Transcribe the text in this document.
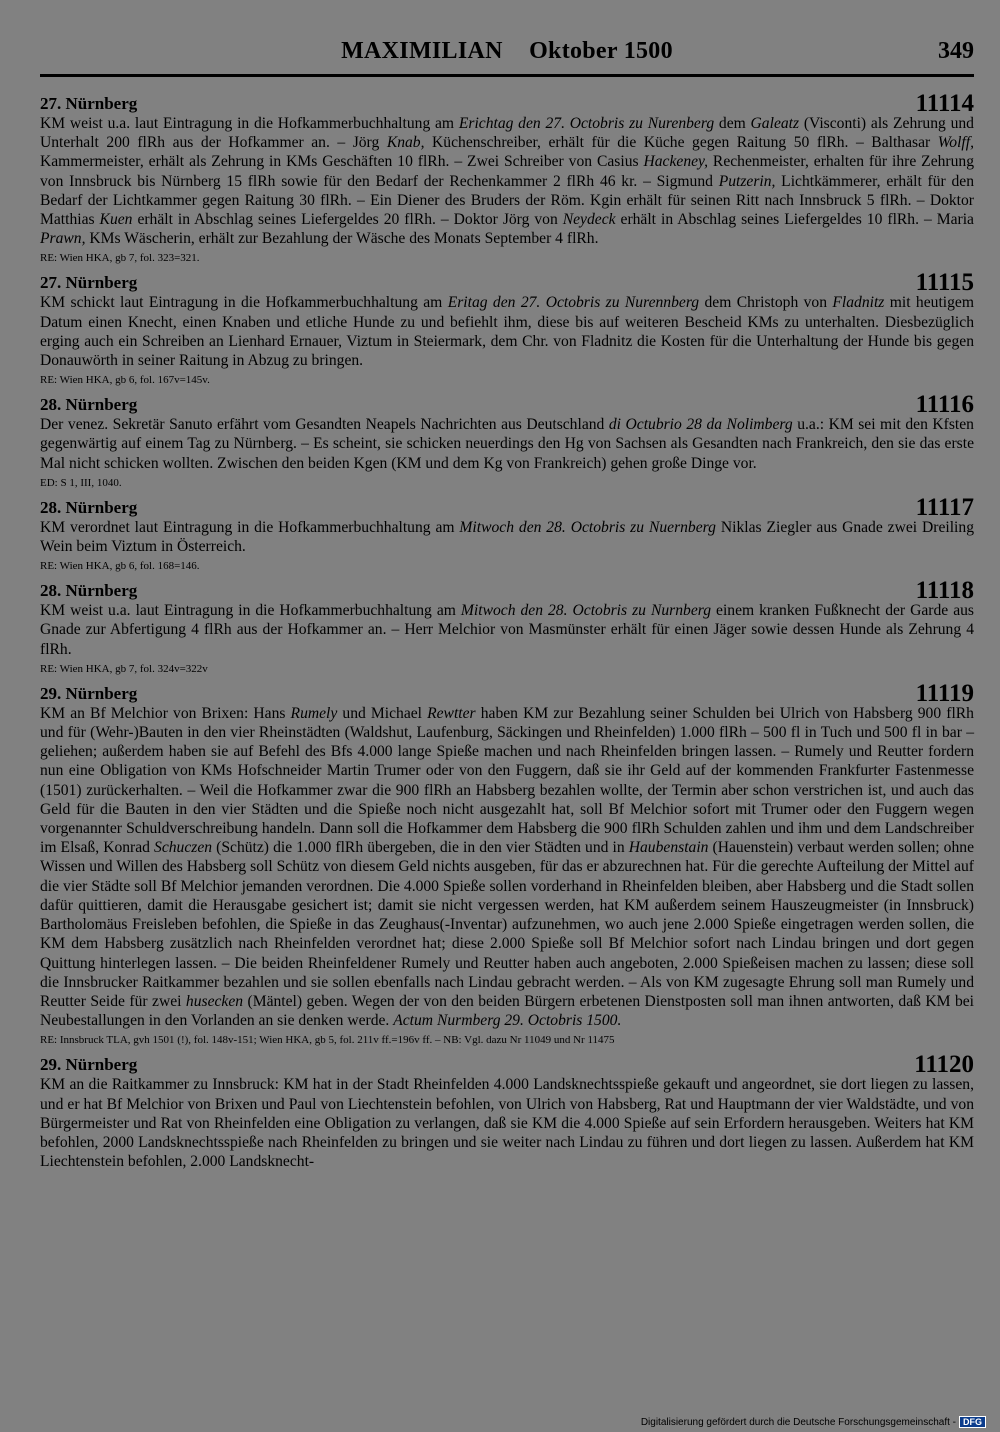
MAXIMILIAN Oktober 1500	349
27. Nürnberg	11114
KM weist u.a. laut Eintragung in die Hofkammerbuchhaltung am Erichtag den 27. Octobris zu Nurenberg dem Galeatz (Visconti) als Zehrung und Unterhalt 200 flRh aus der Hofkammer an. – Jörg Knab, Küchenschreiber, erhält für die Küche gegen Raitung 50 flRh. – Balthasar Wolff, Kammermeister, erhält als Zehrung in KMs Geschäften 10 flRh. – Zwei Schreiber von Casius Hackeney, Rechenmeister, erhalten für ihre Zehrung von Innsbruck bis Nürnberg 15 flRh sowie für den Bedarf der Rechenkammer 2 flRh 46 kr. – Sigmund Putzerin, Lichtkämmerer, erhält für den Bedarf der Lichtkammer gegen Raitung 30 flRh. – Ein Diener des Bruders der Röm. Kgin erhält für seinen Ritt nach Innsbruck 5 flRh. – Doktor Matthias Kuen erhält in Abschlag seines Liefergeldes 20 flRh. – Doktor Jörg von Neydeck erhält in Abschlag seines Liefergeldes 10 flRh. – Maria Prawn, KMs Wäscherin, erhält zur Bezahlung der Wäsche des Monats September 4 flRh.
RE: Wien HKA, gb 7, fol. 323=321.
27. Nürnberg	11115
KM schickt laut Eintragung in die Hofkammerbuchhaltung am Eritag den 27. Octobris zu Nurennberg dem Christoph von Fladnitz mit heutigem Datum einen Knecht, einen Knaben und etliche Hunde zu und befiehlt ihm, diese bis auf weiteren Bescheid KMs zu unterhalten. Diesbezüglich erging auch ein Schreiben an Lienhard Ernauer, Viztum in Steiermark, dem Chr. von Fladnitz die Kosten für die Unterhaltung der Hunde bis gegen Donauwörth in seiner Raitung in Abzug zu bringen.
RE: Wien HKA, gb 6, fol. 167v=145v.
28. Nürnberg	11116
Der venez. Sekretär Sanuto erfährt vom Gesandten Neapels Nachrichten aus Deutschland di Octubrio 28 da Nolimberg u.a.: KM sei mit den Kfsten gegenwärtig auf einem Tag zu Nürnberg. – Es scheint, sie schicken neuerdings den Hg von Sachsen als Gesandten nach Frankreich, den sie das erste Mal nicht schicken wollten. Zwischen den beiden Kgen (KM und dem Kg von Frankreich) gehen große Dinge vor.
ED: S 1, III, 1040.
28. Nürnberg	11117
KM verordnet laut Eintragung in die Hofkammerbuchhaltung am Mitwoch den 28. Octobris zu Nuernberg Niklas Ziegler aus Gnade zwei Dreiling Wein beim Viztum in Österreich.
RE: Wien HKA, gb 6, fol. 168=146.
28. Nürnberg	11118
KM weist u.a. laut Eintragung in die Hofkammerbuchhaltung am Mitwoch den 28. Octobris zu Nurnberg einem kranken Fußknecht der Garde aus Gnade zur Abfertigung 4 flRh aus der Hofkammer an. – Herr Melchior von Masmünster erhält für einen Jäger sowie dessen Hunde als Zehrung 4 flRh.
RE: Wien HKA, gb 7, fol. 324v=322v
29. Nürnberg	11119
KM an Bf Melchior von Brixen: Hans Rumely und Michael Rewtter haben KM zur Bezahlung seiner Schulden bei Ulrich von Habsberg 900 flRh und für (Wehr-)Bauten in den vier Rheinstädten (Waldshut, Laufenburg, Säckingen und Rheinfelden) 1.000 flRh – 500 fl in Tuch und 500 fl in bar – geliehen; außerdem haben sie auf Befehl des Bfs 4.000 lange Spieße machen und nach Rheinfelden bringen lassen. – Rumely und Reutter fordern nun eine Obligation von KMs Hofschneider Martin Trumer oder von den Fuggern, daß sie ihr Geld auf der kommenden Frankfurter Fastenmesse (1501) zurückerhalten. – Weil die Hofkammer zwar die 900 flRh an Habsberg bezahlen wollte, der Termin aber schon verstrichen ist, und auch das Geld für die Bauten in den vier Städten und die Spieße noch nicht ausgezahlt hat, soll Bf Melchior sofort mit Trumer oder den Fuggern wegen vorgenannter Schuldverschreibung handeln. Dann soll die Hofkammer dem Habsberg die 900 flRh Schulden zahlen und ihm und dem Landschreiber im Elsaß, Konrad Schuczen (Schütz) die 1.000 flRh übergeben, die in den vier Städten und in Haubenstain (Hauenstein) verbaut werden sollen; ohne Wissen und Willen des Habsberg soll Schütz von diesem Geld nichts ausgeben, für das er abzurechnen hat. Für die gerechte Aufteilung der Mittel auf die vier Städte soll Bf Melchior jemanden verordnen. Die 4.000 Spieße sollen vorderhand in Rheinfelden bleiben, aber Habsberg und die Stadt sollen dafür quittieren, damit die Herausgabe gesichert ist; damit sie nicht vergessen werden, hat KM außerdem seinem Hauszeugmeister (in Innsbruck) Bartholomäus Freisleben befohlen, die Spieße in das Zeughaus(-Inventar) aufzunehmen, wo auch jene 2.000 Spieße eingetragen werden sollen, die KM dem Habsberg zusätzlich nach Rheinfelden verordnet hat; diese 2.000 Spieße soll Bf Melchior sofort nach Lindau bringen und dort gegen Quittung hinterlegen lassen. – Die beiden Rheinfeldener Rumely und Reutter haben auch angeboten, 2.000 Spießeisen machen zu lassen; diese soll die Innsbrucker Raitkammer bezahlen und sie sollen ebenfalls nach Lindau gebracht werden. – Als von KM zugesagte Ehrung soll man Rumely und Reutter Seide für zwei husecken (Mäntel) geben. Wegen der von den beiden Bürgern erbetenen Dienstposten soll man ihnen antworten, daß KM bei Neubestallungen in den Vorlanden an sie denken werde. Actum Nurmberg 29. Octobris 1500.
RE: Innsbruck TLA, gvh 1501 (!), fol. 148v-151; Wien HKA, gb 5, fol. 211v ff.=196v ff. – NB: Vgl. dazu Nr 11049 und Nr 11475
29. Nürnberg	11120
KM an die Raitkammer zu Innsbruck: KM hat in der Stadt Rheinfelden 4.000 Landsknechtsspieße gekauft und angeordnet, sie dort liegen zu lassen, und er hat Bf Melchior von Brixen und Paul von Liechtenstein befohlen, von Ulrich von Habsberg, Rat und Hauptmann der vier Waldstädte, und von Bürgermeister und Rat von Rheinfelden eine Obligation zu verlangen, daß sie KM die 4.000 Spieße auf sein Erfordern herausgeben. Weiters hat KM befohlen, 2000 Landsknechtsspieße nach Rheinfelden zu bringen und sie weiter nach Lindau zu führen und dort liegen zu lassen. Außerdem hat KM Liechtenstein befohlen, 2.000 Landsknecht-
Digitalisierung gefördert durch die Deutsche Forschungsgemeinschaft - DFG
